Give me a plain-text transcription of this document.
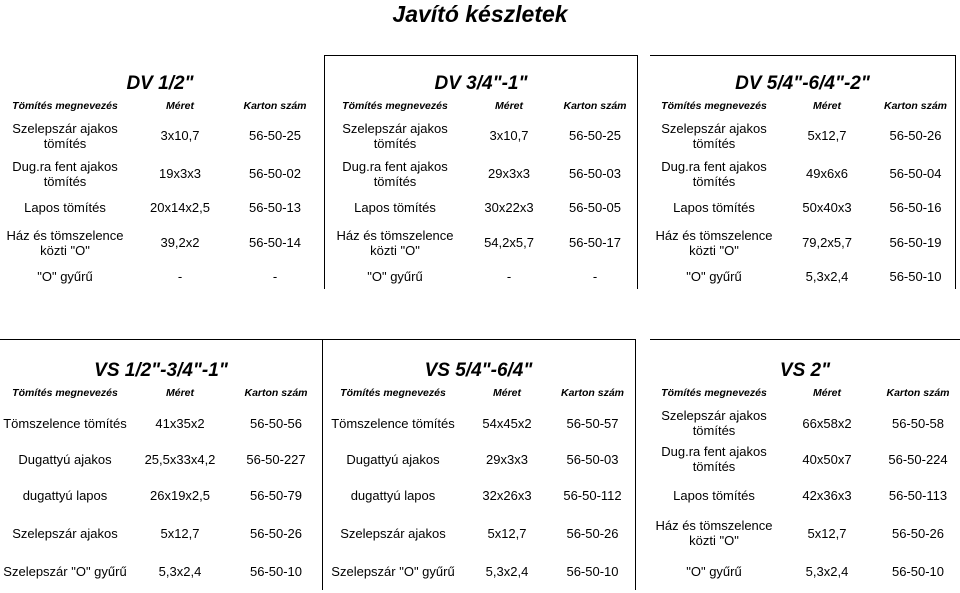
Javító készletek
DV 1/2"
Tömítés megnevezés	Méret	Karton szám
Szelepszár ajakos tömítés	3x10,7	56-50-25
Dug.ra fent ajakos tömítés	19x3x3	56-50-02
Lapos tömítés	20x14x2,5	56-50-13
Ház és tömszelence közti "O"	39,2x2	56-50-14
"O" gyűrű	-	-
DV 3/4"-1"
Tömítés megnevezés	Méret	Karton szám
Szelepszár ajakos tömítés	3x10,7	56-50-25
Dug.ra fent ajakos tömítés	29x3x3	56-50-03
Lapos tömítés	30x22x3	56-50-05
Ház és tömszelence közti "O"	54,2x5,7	56-50-17
"O" gyűrű	-	-
DV 5/4"-6/4"-2"
Tömítés megnevezés	Méret	Karton szám
Szelepszár ajakos tömítés	5x12,7	56-50-26
Dug.ra fent ajakos tömítés	49x6x6	56-50-04
Lapos tömítés	50x40x3	56-50-16
Ház és tömszelence közti "O"	79,2x5,7	56-50-19
"O" gyűrű	5,3x2,4	56-50-10
VS 1/2"-3/4"-1"
Tömítés megnevezés	Méret	Karton szám
Tömszelence tömítés	41x35x2	56-50-56
Dugattyú ajakos	25,5x33x4,2	56-50-227
dugattyú lapos	26x19x2,5	56-50-79
Szelepszár ajakos	5x12,7	56-50-26
Szelepszár "O" gyűrű	5,3x2,4	56-50-10
VS 5/4"-6/4"
Tömítés megnevezés	Méret	Karton szám
Tömszelence tömítés	54x45x2	56-50-57
Dugattyú ajakos	29x3x3	56-50-03
dugattyú lapos	32x26x3	56-50-112
Szelepszár ajakos	5x12,7	56-50-26
Szelepszár "O" gyűrű	5,3x2,4	56-50-10
VS 2"
Tömítés megnevezés	Méret	Karton szám
Szelepszár ajakos tömítés	66x58x2	56-50-58
Dug.ra fent ajakos tömítés	40x50x7	56-50-224
Lapos tömítés	42x36x3	56-50-113
Ház és tömszelence közti "O"	5x12,7	56-50-26
"O" gyűrű	5,3x2,4	56-50-10
